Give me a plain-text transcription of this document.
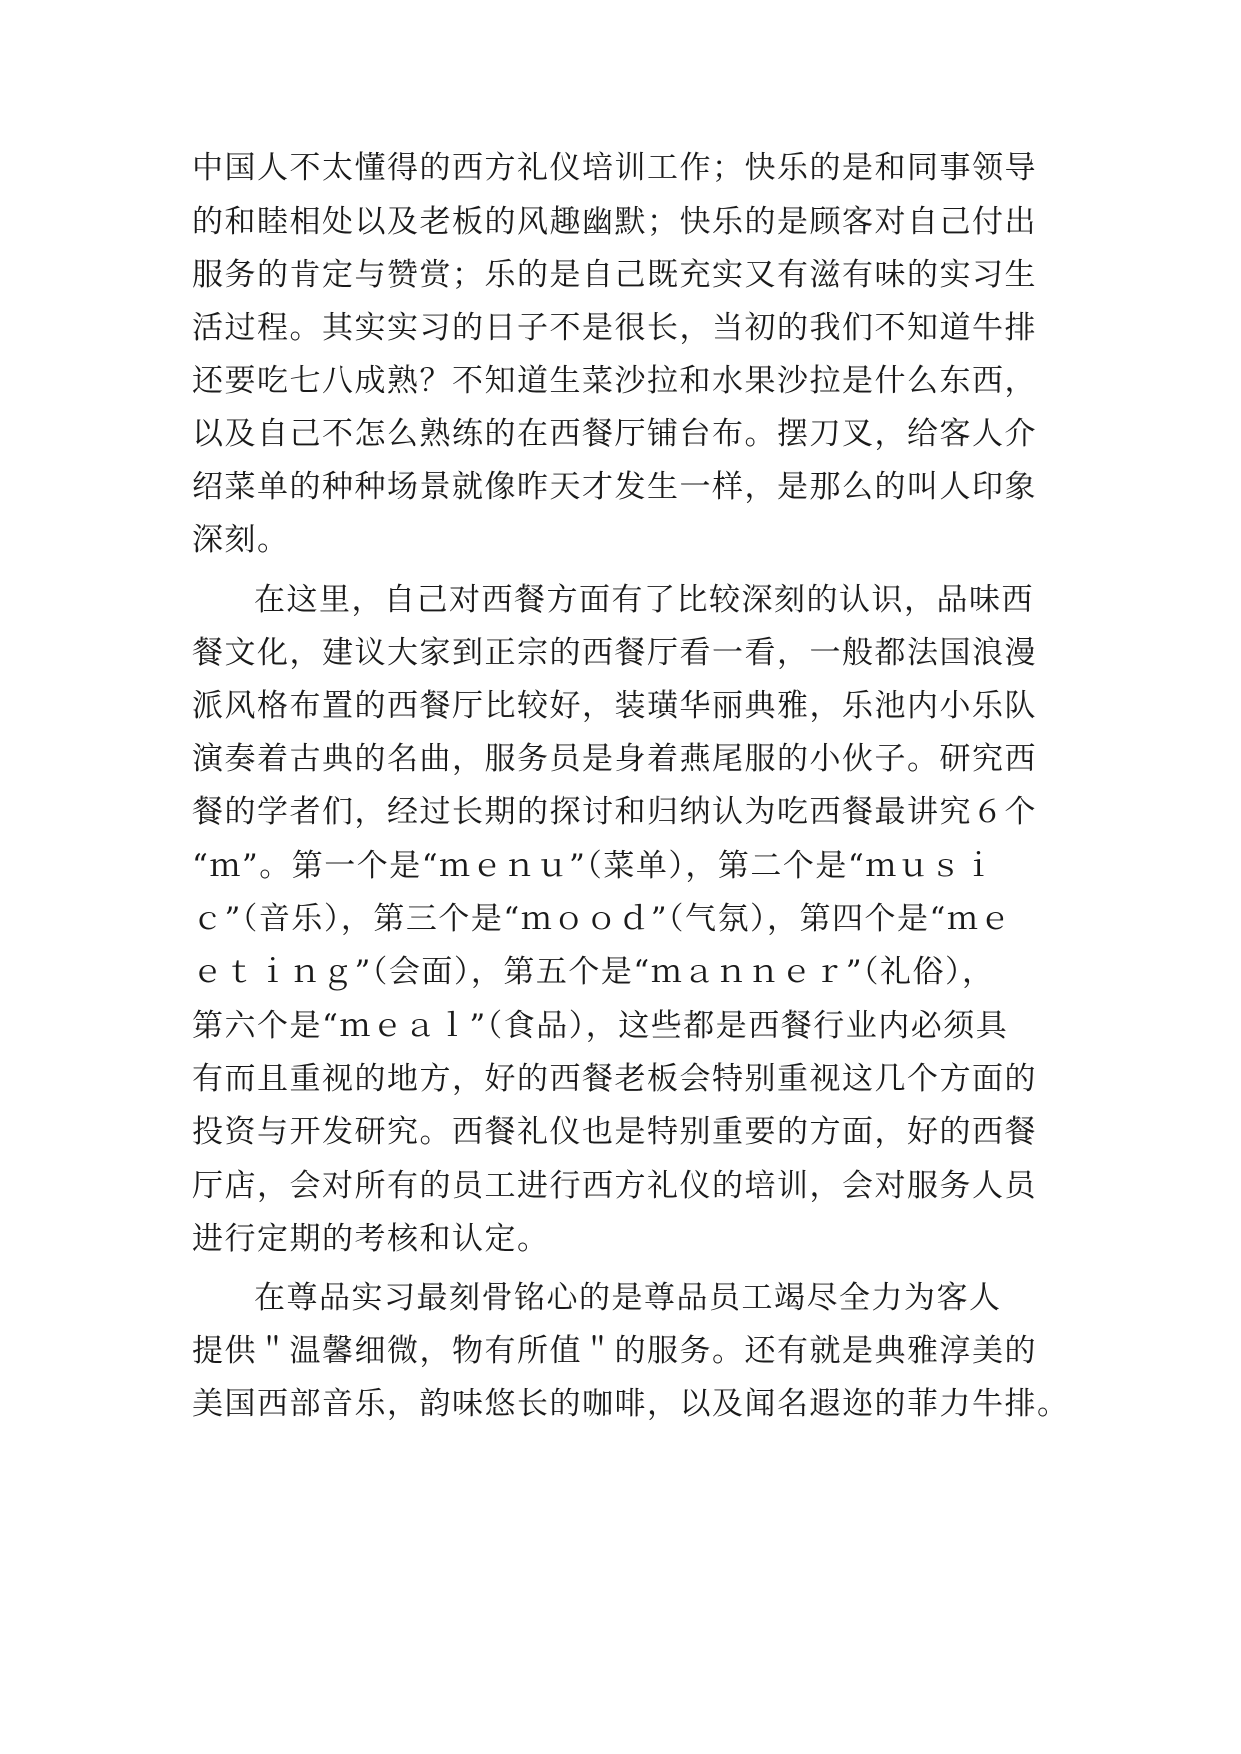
中国人不太懂得的西方礼仪培训工作；快乐的是和同事领导
的和睦相处以及老板的风趣幽默；快乐的是顾客对自己付出
服务的肯定与赞赏；乐的是自己既充实又有滋有味的实习生
活过程。其实实习的日子不是很长，当初的我们不知道牛排
还要吃七八成熟？不知道生菜沙拉和水果沙拉是什么东西，
以及自己不怎么熟练的在西餐厅铺台布。摆刀叉，给客人介
绍菜单的种种场景就像昨天才发生一样，是那么的叫人印象
深刻。
在这里，自己对西餐方面有了比较深刻的认识，品味西
餐文化，建议大家到正宗的西餐厅看一看，一般都法国浪漫
派风格布置的西餐厅比较好，装璜华丽典雅，乐池内小乐队
演奏着古典的名曲，服务员是身着燕尾服的小伙子。研究西
餐的学者们，经过长期的探讨和归纳认为吃西餐最讲究６个
“ｍ”。第一个是“ｍｅｎｕ”（菜单），第二个是“ｍｕｓｉ
ｃ”（音乐），第三个是“ｍｏｏｄ”（气氛），第四个是“ｍｅ
ｅｔｉｎｇ”（会面），第五个是“ｍａｎｎｅｒ”（礼俗），
第六个是“ｍｅａｌ”（食品），这些都是西餐行业内必须具
有而且重视的地方，好的西餐老板会特别重视这几个方面的
投资与开发研究。西餐礼仪也是特别重要的方面，好的西餐
厅店，会对所有的员工进行西方礼仪的培训，会对服务人员
进行定期的考核和认定。
在尊品实习最刻骨铭心的是尊品员工竭尽全力为客人
提供＂温馨细微，物有所值＂的服务。还有就是典雅淳美的
美国西部音乐，韵味悠长的咖啡，以及闻名遐迩的菲力牛排。
